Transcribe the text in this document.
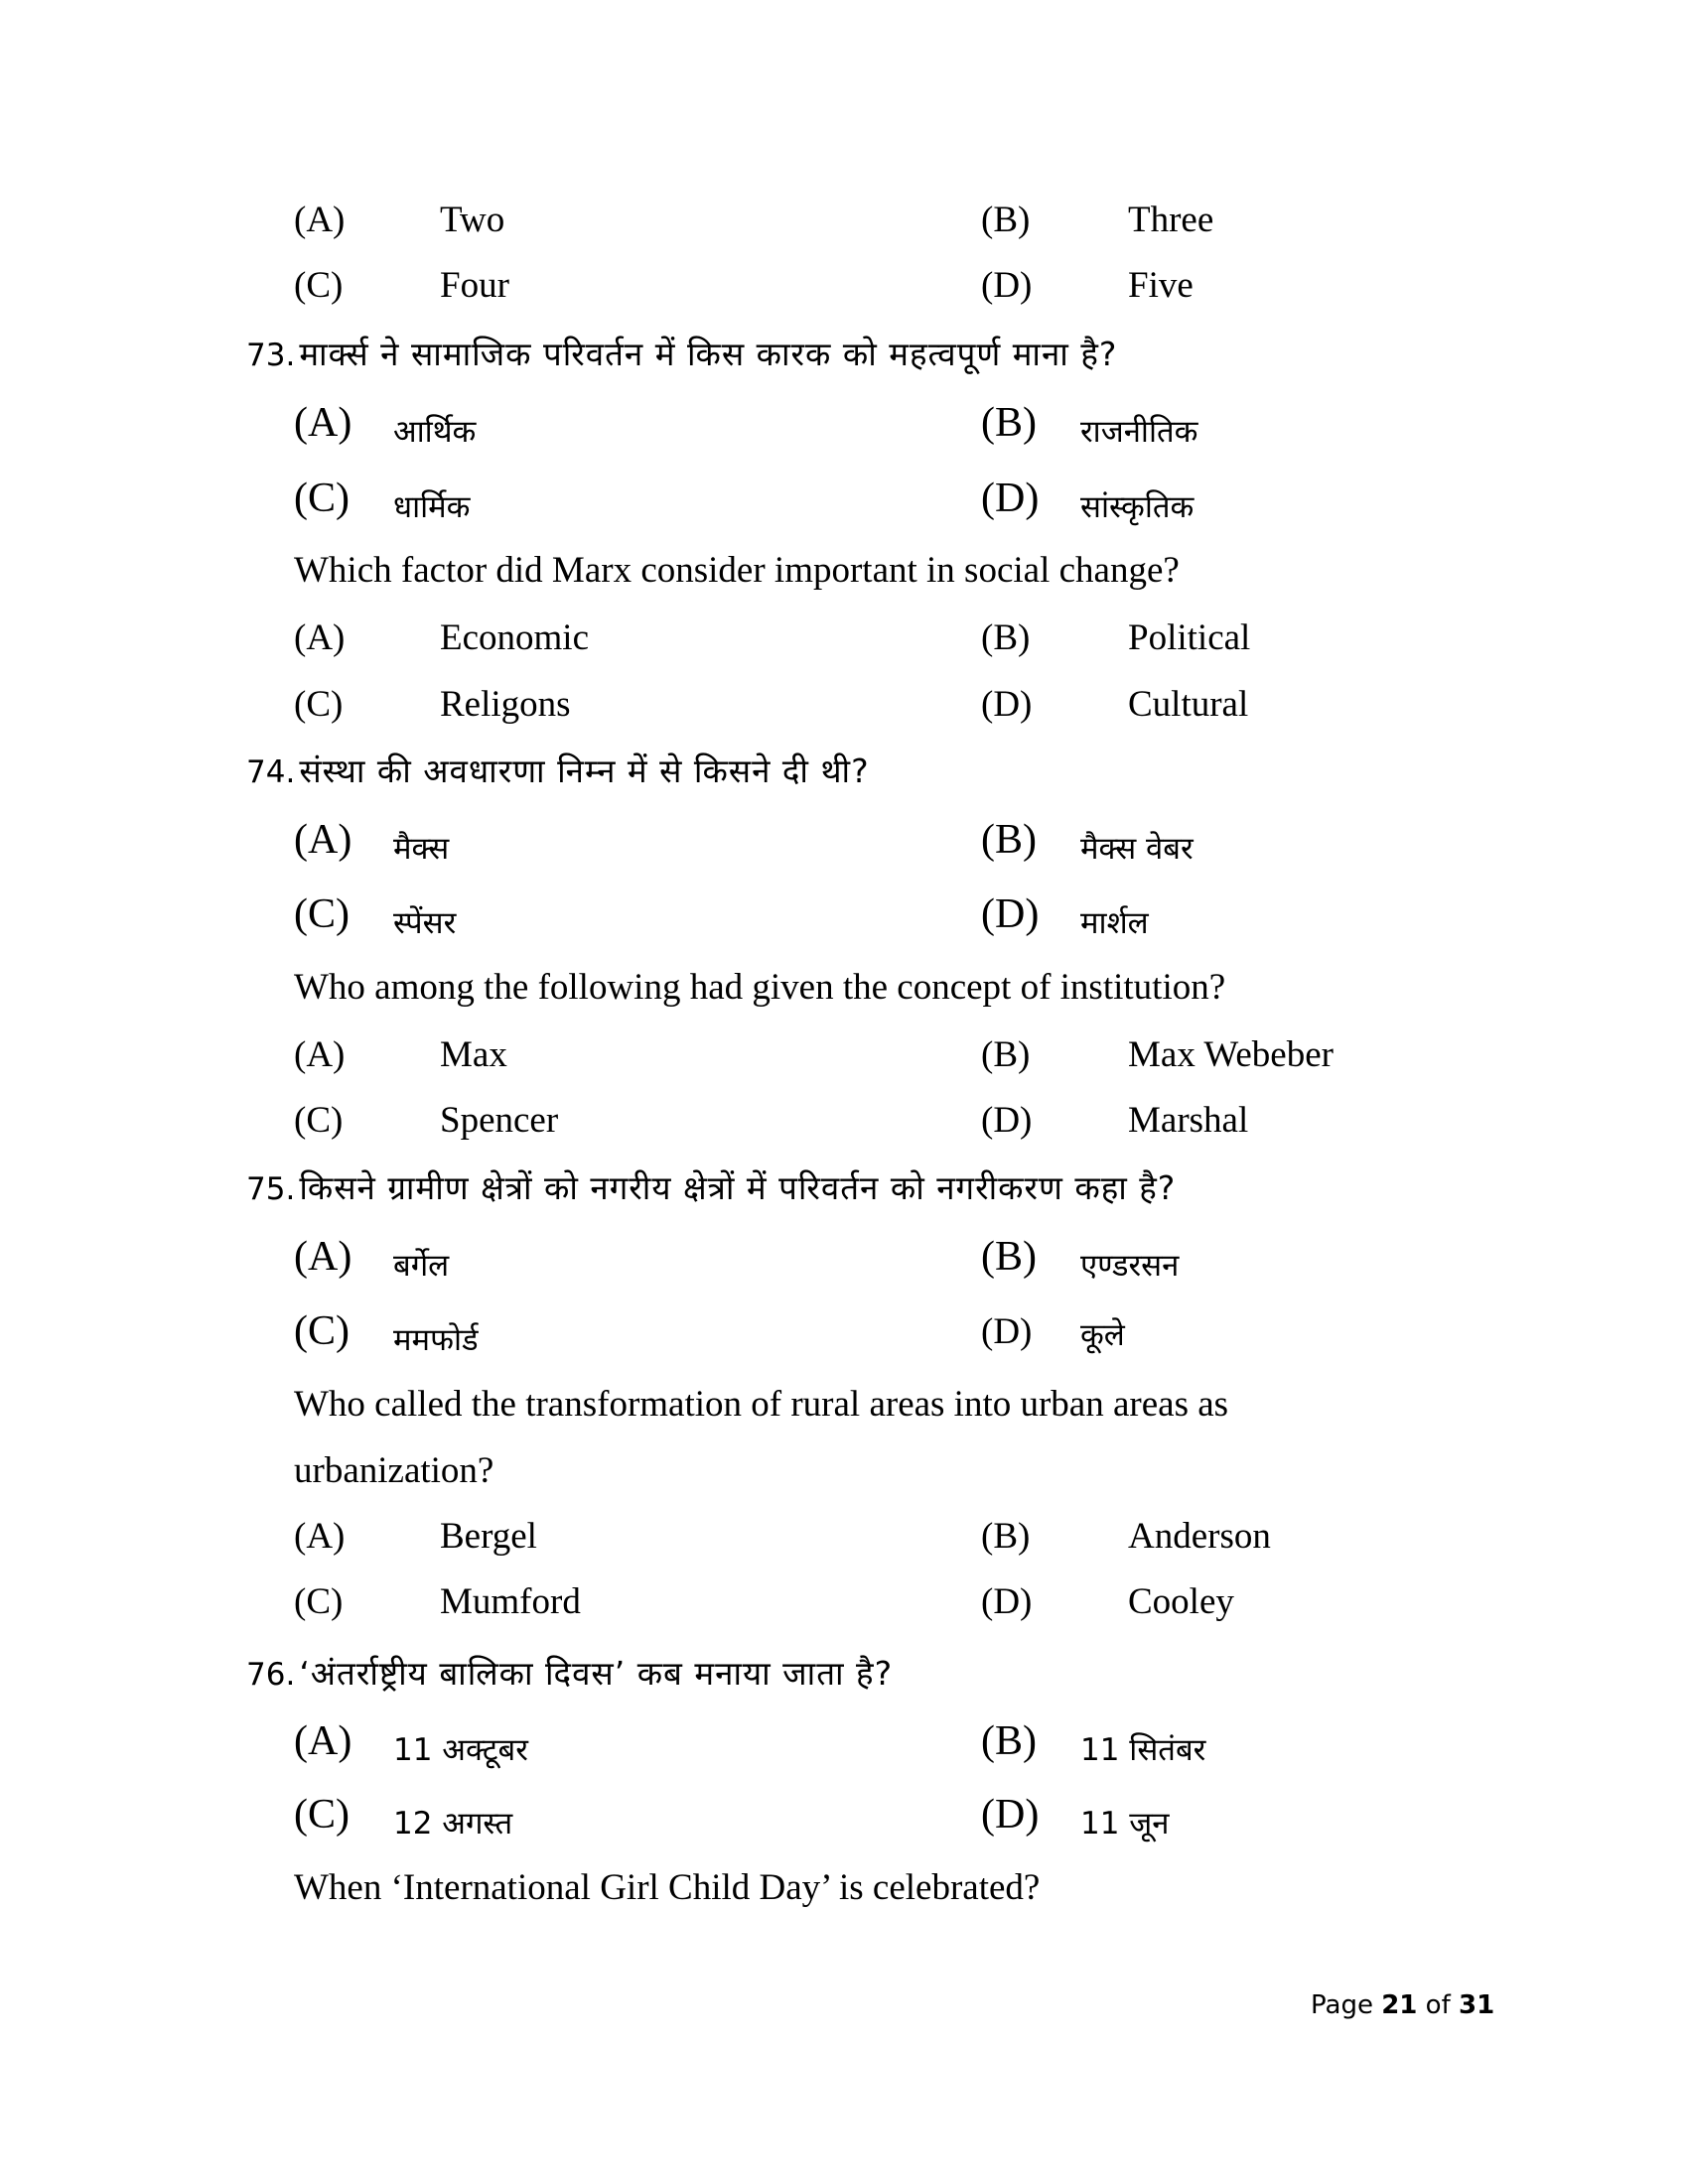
(A)	Two	(B)	Three
(C)	Four	(D)	Five
73. मार्क्स ने सामाजिक परिवर्तन में किस कारक को महत्वपूर्ण माना है?
(A) आर्थिक	(B) राजनीतिक
(C) धार्मिक	(D) सांस्कृतिक
Which factor did Marx consider important in social change?
(A)	Economic	(B)	Political
(C)	Religons	(D)	Cultural
74. संस्था की अवधारणा निम्न में से किसने दी थी?
(A) मैक्स	(B) मैक्स वेबर
(C) स्पेंसर	(D) मार्शल
Who among the following had given the concept of institution?
(A)	Max	(B)	Max Webeber
(C)	Spencer	(D)	Marshal
75. किसने ग्रामीण क्षेत्रों को नगरीय क्षेत्रों में परिवर्तन को नगरीकरण कहा है?
(A) बर्गेल	(B) एण्डरसन
(C) ममफोर्ड	(D) कूले
Who called the transformation of rural areas into urban areas as
urbanization?
(A)	Bergel	(B)	Anderson
(C)	Mumford	(D)	Cooley
76. ‘अंतर्राष्ट्रीय बालिका दिवस’ कब मनाया जाता है?
(A) 11 अक्टूबर	(B) 11 सितंबर
(C) 12 अगस्त	(D) 11 जून
When ‘International Girl Child Day’ is celebrated?
Page 21 of 31
